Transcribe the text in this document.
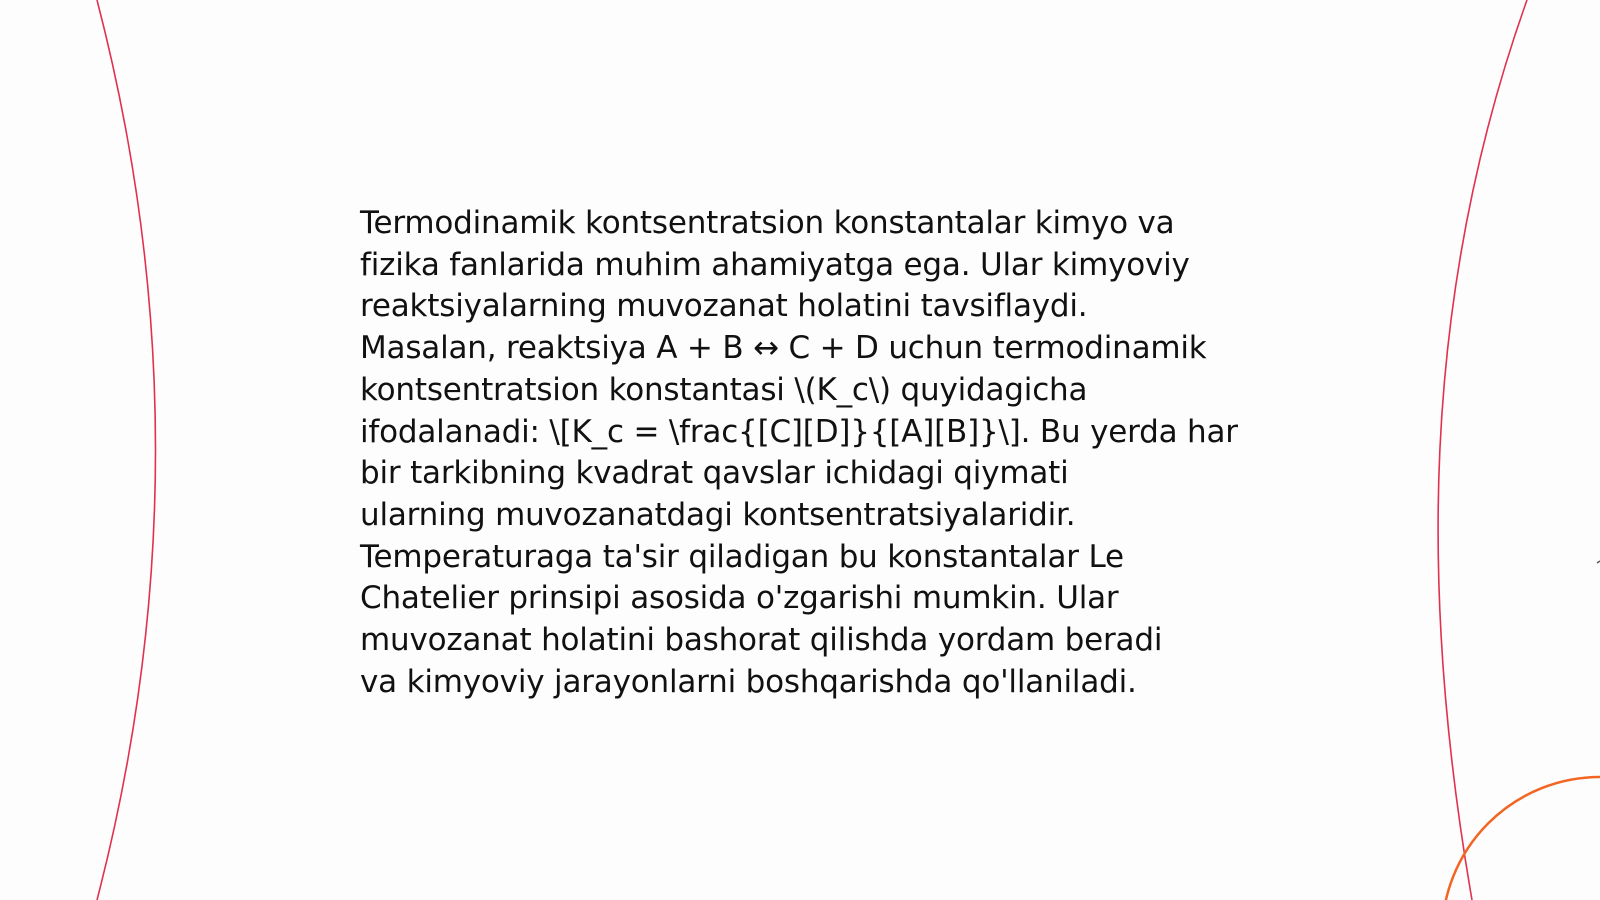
Termodinamik kontsentratsion konstantalar kimyo va
fizika fanlarida muhim ahamiyatga ega. Ular kimyoviy
reaktsiyalarning muvozanat holatini tavsiflaydi.
Masalan, reaktsiya A + B ↔ C + D uchun termodinamik
kontsentratsion konstantasi \(K_c\) quyidagicha
ifodalanadi: \[K_c = \frac{[C][D]}{[A][B]}\]. Bu yerda har
bir tarkibning kvadrat qavslar ichidagi qiymati
ularning muvozanatdagi kontsentratsiyalaridir.
Temperaturaga ta'sir qiladigan bu konstantalar Le
Chatelier prinsipi asosida o'zgarishi mumkin. Ular
muvozanat holatini bashorat qilishda yordam beradi
va kimyoviy jarayonlarni boshqarishda qo'llaniladi.
